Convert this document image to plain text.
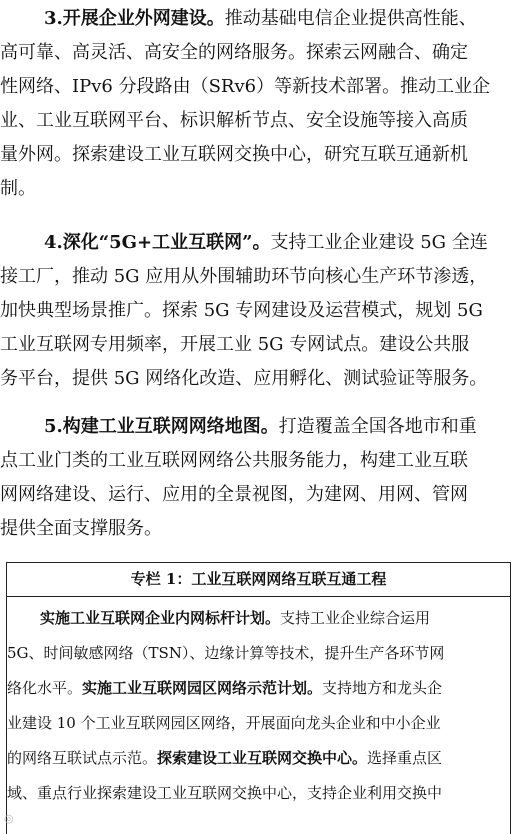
3.开展企业外网建设。推动基础电信企业提供高性能、
高可靠、高灵活、高安全的网络服务。探索云网融合、确定
性网络、IPv6 分段路由（SRv6）等新技术部署。推动工业企
业、工业互联网平台、标识解析节点、安全设施等接入高质
量外网。探索建设工业互联网交换中心，研究互联互通新机
制。
4.深化“5G+工业互联网”。支持工业企业建设 5G 全连
接工厂，推动 5G 应用从外围辅助环节向核心生产环节渗透，
加快典型场景推广。探索 5G 专网建设及运营模式，规划 5G
工业互联网专用频率，开展工业 5G 专网试点。建设公共服
务平台，提供 5G 网络化改造、应用孵化、测试验证等服务。
5.构建工业互联网网络地图。打造覆盖全国各地市和重
点工业门类的工业互联网网络公共服务能力，构建工业互联
网网络建设、运行、应用的全景视图，为建网、用网、管网
提供全面支撑服务。
专栏 1：工业互联网网络互联互通工程
实施工业互联网企业内网标杆计划。支持工业企业综合运用
5G、时间敏感网络（TSN）、边缘计算等技术，提升生产各环节网
络化水平。实施工业互联网园区网络示范计划。支持地方和龙头企
业建设 10 个工业互联网园区网络，开展面向龙头企业和中小企业
的网络互联试点示范。探索建设工业互联网交换中心。选择重点区
域、重点行业探索建设工业互联网交换中心，支持企业利用交换中
◎
